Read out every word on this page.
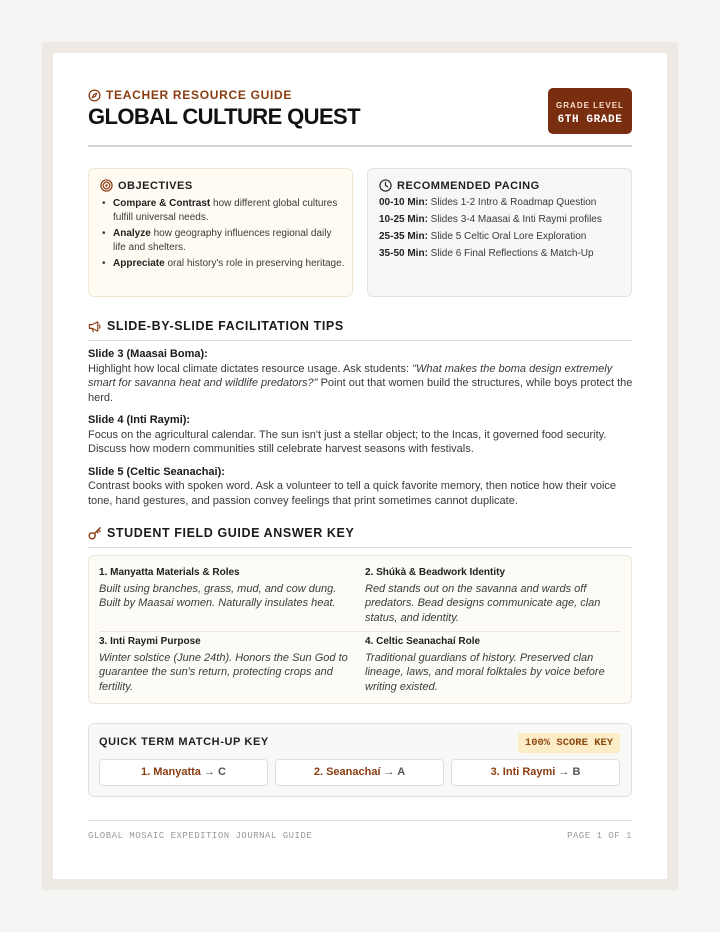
TEACHER RESOURCE GUIDE
GLOBAL CULTURE QUEST	GRADE LEVEL
6TH GRADE
OBJECTIVES
• Compare & Contrast how different global cultures fulfill universal needs.
• Analyze how geography influences regional daily life and shelters.
• Appreciate oral history's role in preserving heritage.
RECOMMENDED PACING
00-10 Min: Slides 1-2 Intro & Roadmap Question
10-25 Min: Slides 3-4 Maasai & Inti Raymi profiles
25-35 Min: Slide 5 Celtic Oral Lore Exploration
35-50 Min: Slide 6 Final Reflections & Match-Up
SLIDE-BY-SLIDE FACILITATION TIPS
Slide 3 (Maasai Boma):
Highlight how local climate dictates resource usage. Ask students: "What makes the boma design extremely smart for savanna heat and wildlife predators?" Point out that women build the structures, while boys protect the herd.
Slide 4 (Inti Raymi):
Focus on the agricultural calendar. The sun isn't just a stellar object; to the Incas, it governed food security. Discuss how modern communities still celebrate harvest seasons with festivals.
Slide 5 (Celtic Seanachai):
Contrast books with spoken word. Ask a volunteer to tell a quick favorite memory, then notice how their voice tone, hand gestures, and passion convey feelings that print sometimes cannot duplicate.
STUDENT FIELD GUIDE ANSWER KEY
1. Manyatta Materials & Roles
Built using branches, grass, mud, and cow dung. Built by Maasai women. Naturally insulates heat.
2. Shúkà & Beadwork Identity
Red stands out on the savanna and wards off predators. Bead designs communicate age, clan status, and identity.
3. Inti Raymi Purpose
Winter solstice (June 24th). Honors the Sun God to guarantee the sun's return, protecting crops and fertility.
4. Celtic Seanachaí Role
Traditional guardians of history. Preserved clan lineage, laws, and moral folktales by voice before writing existed.
QUICK TERM MATCH-UP KEY	100% SCORE KEY
1. Manyatta → C	2. Seanachaí → A	3. Inti Raymi → B
GLOBAL MOSAIC EXPEDITION JOURNAL GUIDE	PAGE 1 OF 1
